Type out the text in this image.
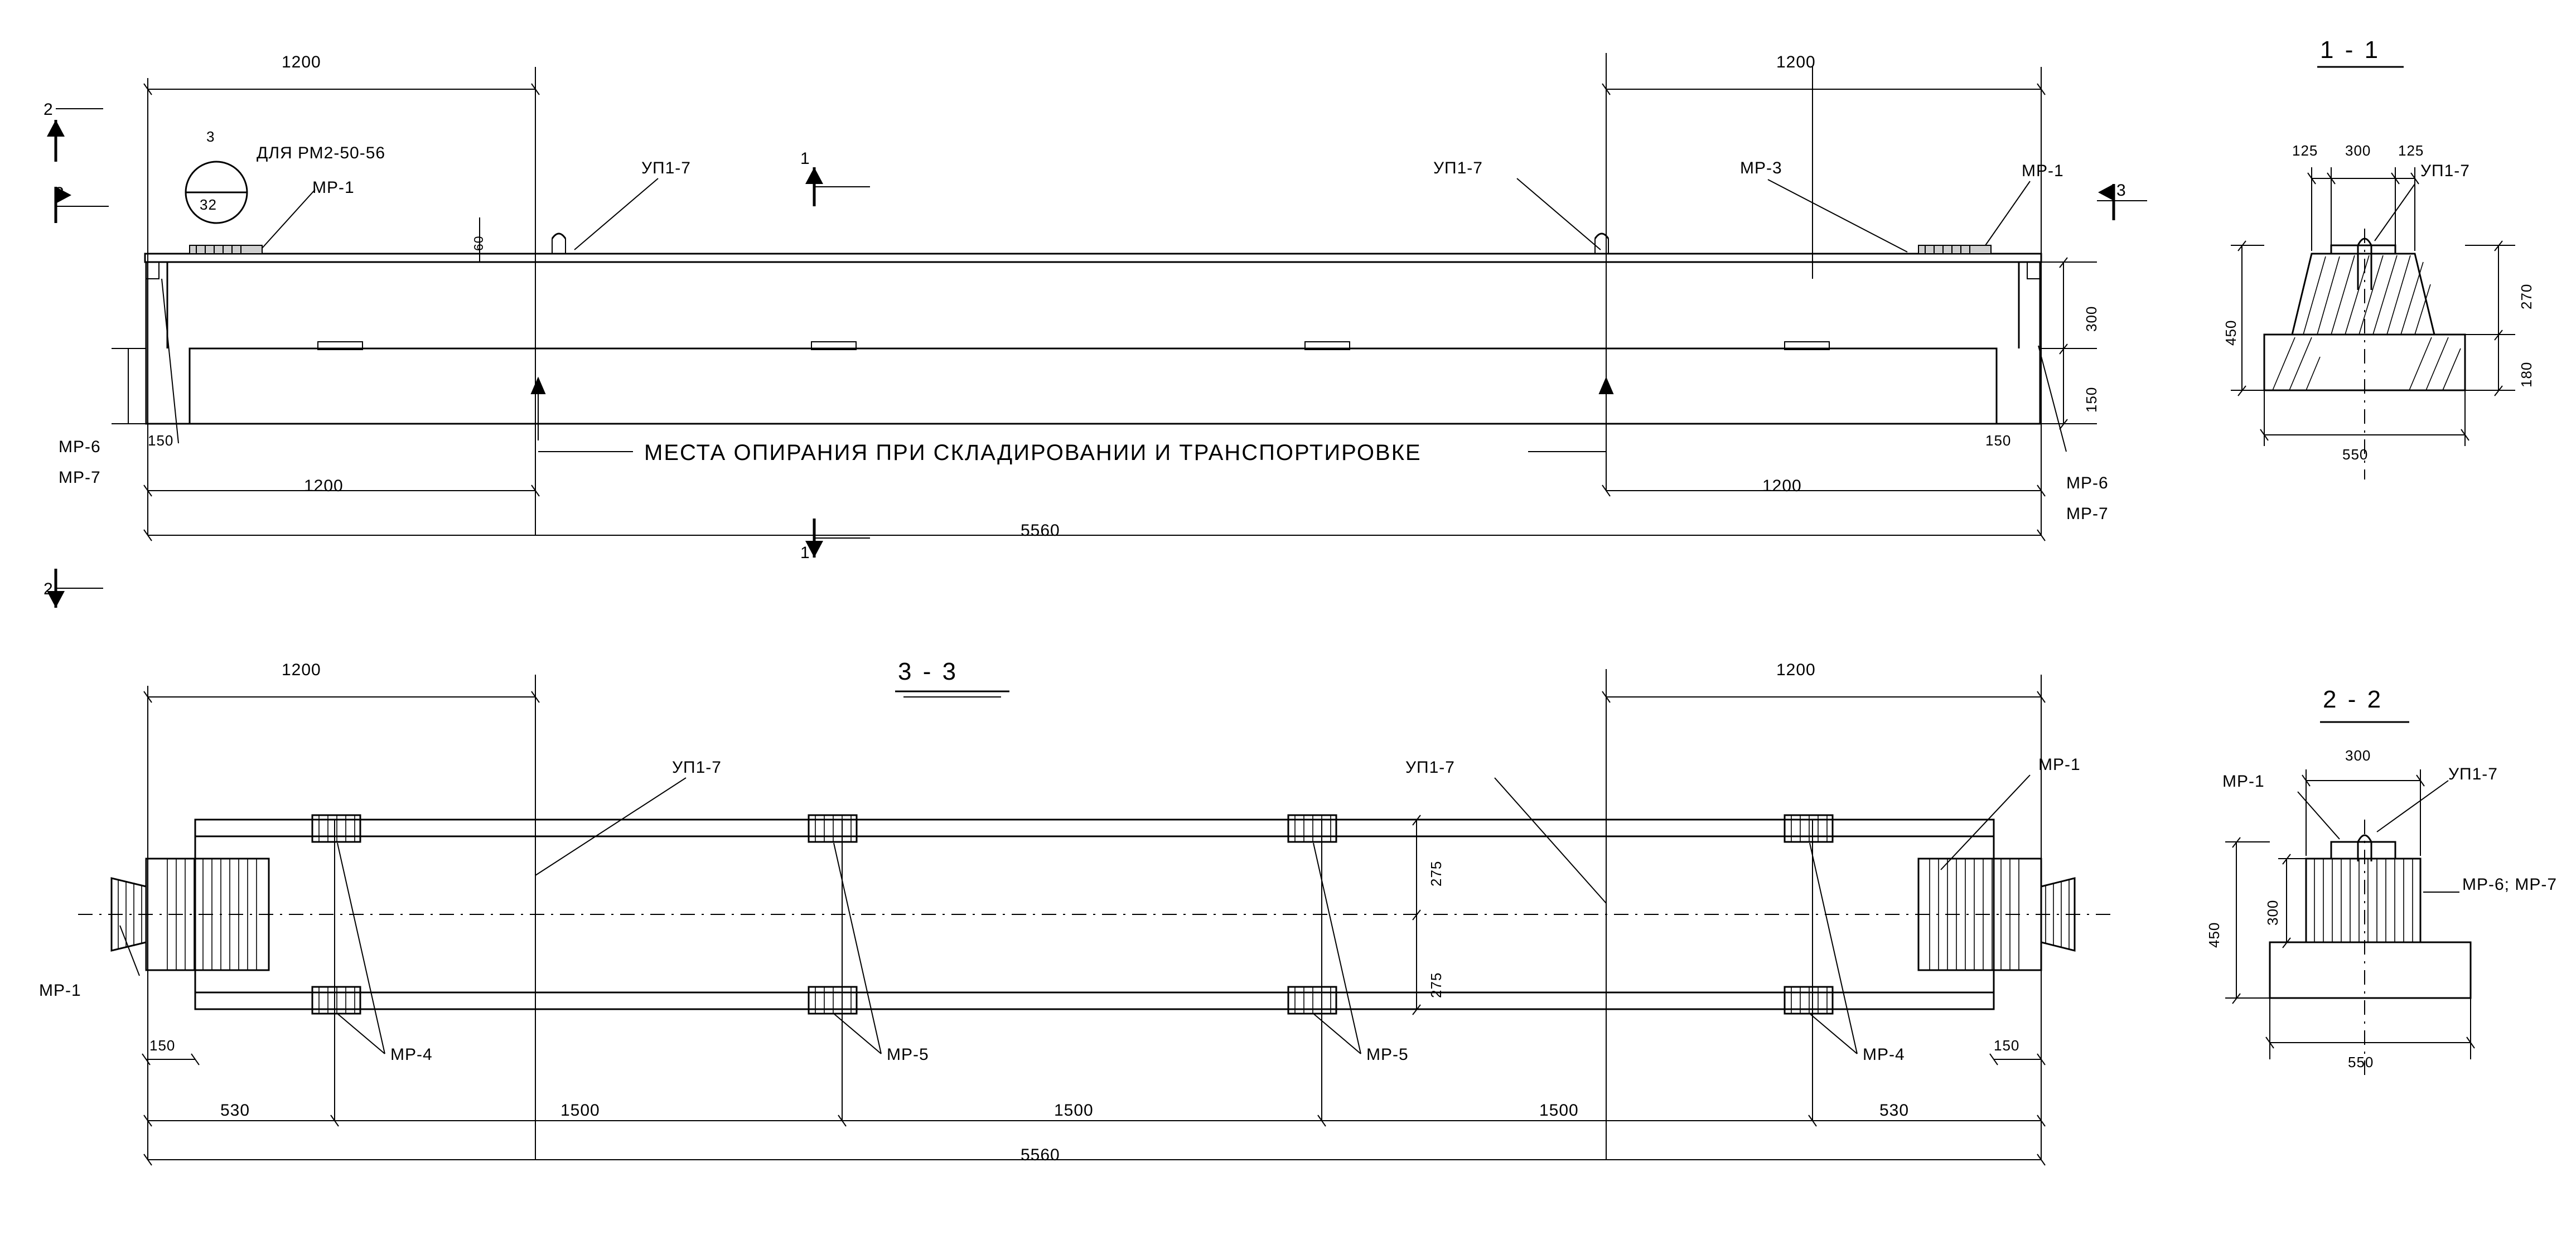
1200	1200
3
32
ДЛЯ РМ2-50-56
МР-1
УП1-7	УП1-7	МР-3	МР-1
1
1
2
2
3	3
60
300
150
150	150
МР-6
МР-7	МР-6
МР-7
МЕСТА ОПИРАНИЯ ПРИ СКЛАДИРОВАНИИ И ТРАНСПОРТИРОВКЕ
1200	1200
5560
3 - 3
1200	1200
УП1-7	УП1-7	МР-1
МР-1
275
275
МР-4	МР-5	МР-5	МР-4
150	150
530	1500	1500	1500	530
5560
1 - 1
125 300 125
УП1-7
450
270
180
550
2 - 2
МР-1
300
УП1-7
МР-6; МР-7
450
300
550
